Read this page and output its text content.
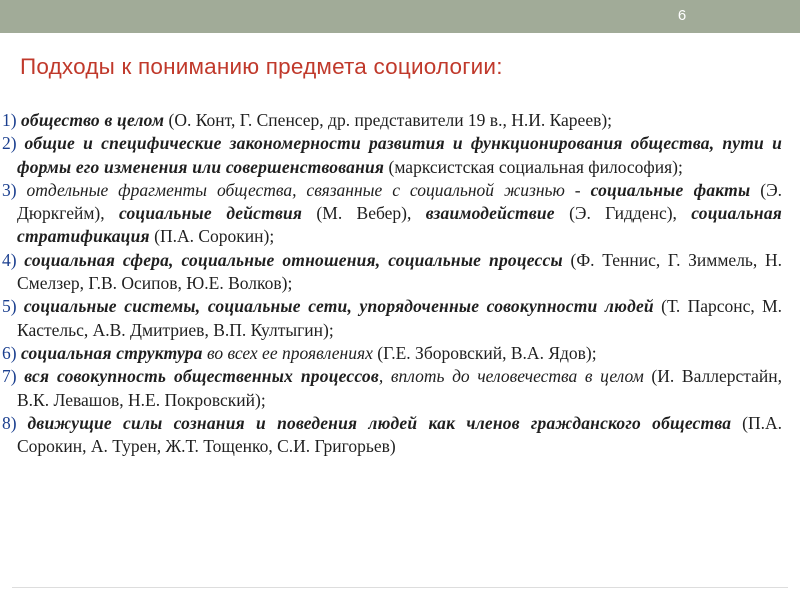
6
Подходы к пониманию предмета социологии:
1) общество в целом (О. Конт, Г. Спенсер, др. представители 19 в., Н.И. Кареев);
2) общие и специфические закономерности развития и функционирования общества, пути и формы его изменения или совершенствования (марксистская социальная философия);
3) отдельные фрагменты общества, связанные с социальной жизнью - социальные факты (Э. Дюркгейм), социальные действия (М. Вебер), взаимодействие (Э. Гидденс), социальная стратификация (П.А. Сорокин);
4) социальная сфера, социальные отношения, социальные процессы (Ф. Теннис, Г. Зиммель, Н. Смелзер, Г.В. Осипов, Ю.Е. Волков);
5) социальные системы, социальные сети, упорядоченные совокупности людей (Т. Парсонс, М. Кастельс, А.В. Дмитриев, В.П. Култыгин);
6) социальная структура во всех ее проявлениях (Г.Е. Зборовский, В.А. Ядов);
7) вся совокупность общественных процессов, вплоть до человечества в целом (И. Валлерстайн, В.К. Левашов, Н.Е. Покровский);
8) движущие силы сознания и поведения людей как членов гражданского общества (П.А. Сорокин, А. Турен, Ж.Т. Тощенко, С.И. Григорьев)
